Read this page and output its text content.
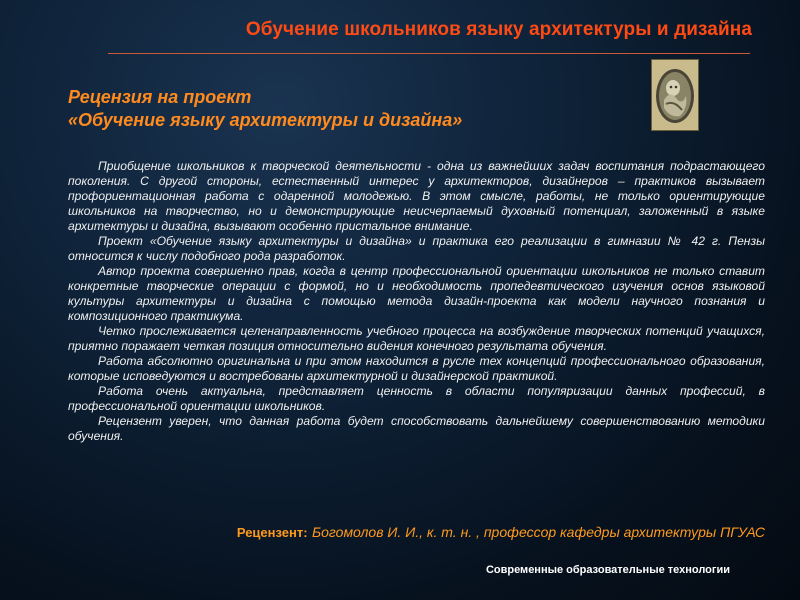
Обучение школьников языку архитектуры и дизайна
Рецензия на проект
«Обучение языку архитектуры и дизайна»

Приобщение школьников к творческой деятельности - одна из важнейших задач воспитания подрастающего поколения. С другой стороны, естественный интерес у архитекторов, дизайнеров – практиков вызывает профориентационная работа с одаренной молодежью. В этом смысле, работы, не только ориентирующие школьников на творчество, но и демонстрирующие неисчерпаемый духовный потенциал, заложенный в языке архитектуры и дизайна, вызывают особенно пристальное внимание.

Проект «Обучение языку архитектуры и дизайна» и практика его реализации в гимназии № 42 г. Пензы относится к числу подобного рода разработок.

Автор проекта совершенно прав, когда в центр профессиональной ориентации школьников не только ставит конкретные творческие операции с формой, но и необходимость пропедевтического изучения основ языковой культуры архитектуры и дизайна с помощью метода дизайн-проекта как модели научного познания и композиционного практикума.

Четко прослеживается целенаправленность учебного процесса на возбуждение творческих потенций учащихся, приятно поражает четкая позиция относительно видения конечного результата обучения.

Работа абсолютно оригинальна и при этом находится в русле тех концепций профессионального образования, которые исповедуются и востребованы архитектурной и дизайнерской практикой.

Работа очень актуальна, представляет ценность в области популяризации данных профессий, в профессиональной ориентации школьников.

Рецензент уверен, что данная работа будет способствовать дальнейшему совершенствованию методики обучения.

Рецензент: Богомолов И. И., к. т. н. , профессор кафедры архитектуры ПГУАС
Современные образовательные технологии
